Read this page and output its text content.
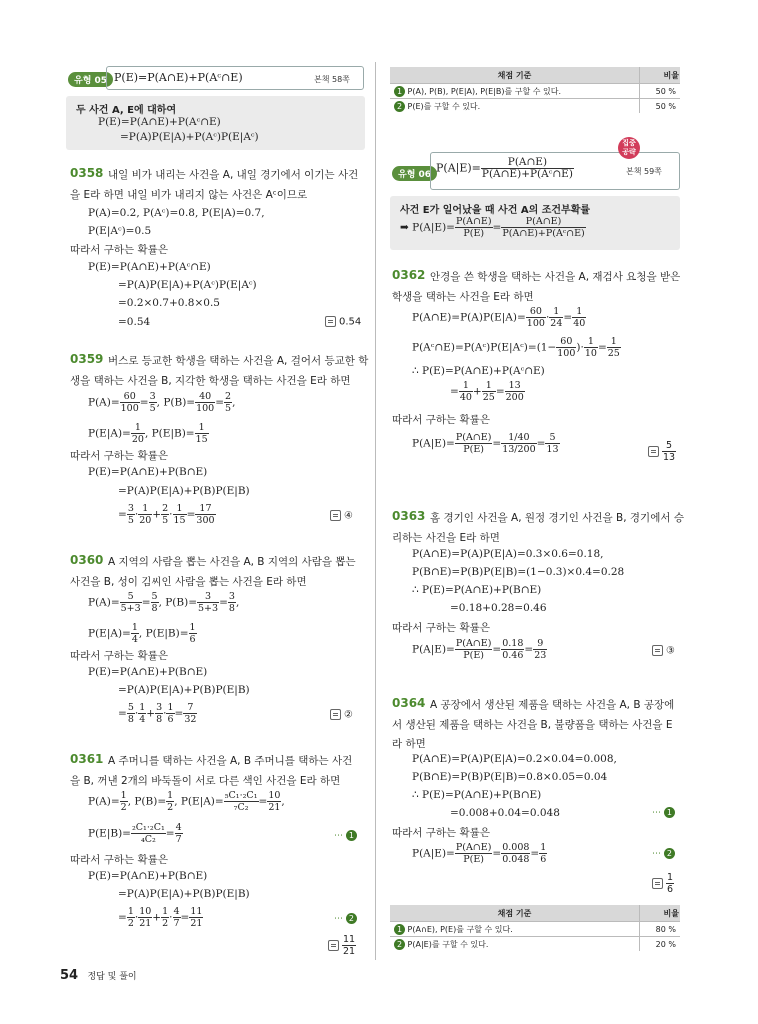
유형 05 P(E)=P(A∩E)+P(Aᶜ∩E)	본책 58쪽
두 사건 A, E에 대하여
P(E)=P(A∩E)+P(Aᶜ∩E)
=P(A)P(E|A)+P(Aᶜ)P(E|Aᶜ)
0358 내일 비가 내리는 사건을 A, 내일 경기에서 이기는 사건
을 E라 하면 내일 비가 내리지 않는 사건은 Aᶜ이므로
P(A)=0.2, P(Aᶜ)=0.8, P(E|A)=0.7,
P(E|Aᶜ)=0.5
따라서 구하는 확률은
P(E)=P(A∩E)+P(Aᶜ∩E)
=P(A)P(E|A)+P(Aᶜ)P(E|Aᶜ)
=0.2×0.7+0.8×0.5
=0.54	0.54
0359 버스로 등교한 학생을 택하는 사건을 A, 걸어서 등교한 학
생을 택하는 사건을 B, 지각한 학생을 택하는 사건을 E라 하면
$P(A)= \frac{60}{100} = \frac{3}{5}$ , $P(B)= \frac{40}{100} = \frac{2}{5}$ ,
$P(E|A)= \frac{1}{20}$ , $P(E|B)= \frac{1}{15}$
따라서 구하는 확률은
P(E)=P(A∩E)+P(B∩E)
=P(A)P(E|A)+P(B)P(E|B)
= $\frac{3}{5} \cdot \frac{1}{20} + \frac{2}{5} \cdot \frac{1}{15} = \frac{17}{300}$	④
0360 A 지역의 사람을 뽑는 사건을 A, B 지역의 사람을 뽑는
사건을 B, 성이 김씨인 사람을 뽑는 사건을 E라 하면
$P(A)= \frac{5}{5+3} = \frac{5}{8}$ , $P(B)= \frac{3}{5+3} = \frac{3}{8}$ ,
$P(E|A)= \frac{1}{4}$ , $P(E|B)= \frac{1}{6}$
따라서 구하는 확률은
P(E)=P(A∩E)+P(B∩E)
=P(A)P(E|A)+P(B)P(E|B)
= $\frac{5}{8} \cdot \frac{1}{4} + \frac{3}{8} \cdot \frac{1}{6} = \frac{7}{32}$	②
0361 A 주머니를 택하는 사건을 A, B 주머니를 택하는 사건
을 B, 꺼낸 2개의 바둑돌이 서로 다른 색인 사건을 E라 하면
$P(A)= \frac{1}{2}$ , $P(B)= \frac{1}{2}$ , $P(E|A)= \frac{\text{₅C₁·₂C₁}}{\text{₇C₂}} = \frac{10}{21}$ ,
$P(E|B)= \frac{\text{₂C₁·₂C₁}}{\text{₄C₂}} = \frac{4}{7}$	⋯ 1
따라서 구하는 확률은
P(E)=P(A∩E)+P(B∩E)
=P(A)P(E|A)+P(B)P(E|B)
= $\frac{1}{2} \cdot \frac{10}{21} + \frac{1}{2} \cdot \frac{4}{7} = \frac{11}{21}$	⋯ 2
$\frac{11}{21}$
채점 기준	비율
1 P(A), P(B), P(E|A), P(E|B)를 구할 수 있다.	50 %
2 P(E)를 구할 수 있다.	50 %
유형 06
$P(A|E)= \frac{P(A\cap E)}{\text{P(A∩E)+P(Aᶜ∩E)}}$	본책 59쪽
집중 공략
사건 E가 일어났을 때 사건 A의 조건부확률
➡ $P(A|E)= \frac{P(A\cap E)}{P(E)} = \frac{P(A\cap E)}{\text{P(A∩E)+P(Aᶜ∩E)}}$
0362 안경을 쓴 학생을 택하는 사건을 A, 재검사 요청을 받은
학생을 택하는 사건을 E라 하면
P(A∩E)=P(A)P(E|A)= $\frac{60}{100} \cdot \frac{1}{24} = \frac{1}{40}$
P(Aᶜ∩E)=P(Aᶜ)P(E|Aᶜ)=(1− $\frac{60}{100}$ )· $\frac{1}{10} = \frac{1}{25}$
∴ P(E)=P(A∩E)+P(Aᶜ∩E)
= $\frac{1}{40} + \frac{1}{25} = \frac{13}{200}$
따라서 구하는 확률은
$P(A|E)= \frac{P(A\cap E)}{P(E)} = \frac{1/40}{13/200} = \frac{5}{13}$	$\frac{5}{13}$
0363 홈 경기인 사건을 A, 원정 경기인 사건을 B, 경기에서 승
리하는 사건을 E라 하면
P(A∩E)=P(A)P(E|A)=0.3×0.6=0.18,
P(B∩E)=P(B)P(E|B)=(1−0.3)×0.4=0.28
∴ P(E)=P(A∩E)+P(B∩E)
=0.18+0.28=0.46
따라서 구하는 확률은
$P(A|E)= \frac{P(A\cap E)}{P(E)} = \frac{0.18}{0.46} = \frac{9}{23}$	③
0364 A 공장에서 생산된 제품을 택하는 사건을 A, B 공장에
서 생산된 제품을 택하는 사건을 B, 불량품을 택하는 사건을 E
라 하면
P(A∩E)=P(A)P(E|A)=0.2×0.04=0.008,
P(B∩E)=P(B)P(E|B)=0.8×0.05=0.04
∴ P(E)=P(A∩E)+P(B∩E)
=0.008+0.04=0.048	⋯ 1
따라서 구하는 확률은
$P(A|E)= \frac{P(A\cap E)}{P(E)} = \frac{0.008}{0.048} = \frac{1}{6}$	⋯ 2
$\frac{1}{6}$
채점 기준	비율
1 P(A∩E), P(E)를 구할 수 있다.	80 %
2 P(A|E)를 구할 수 있다.	20 %
54 정답 및 풀이
